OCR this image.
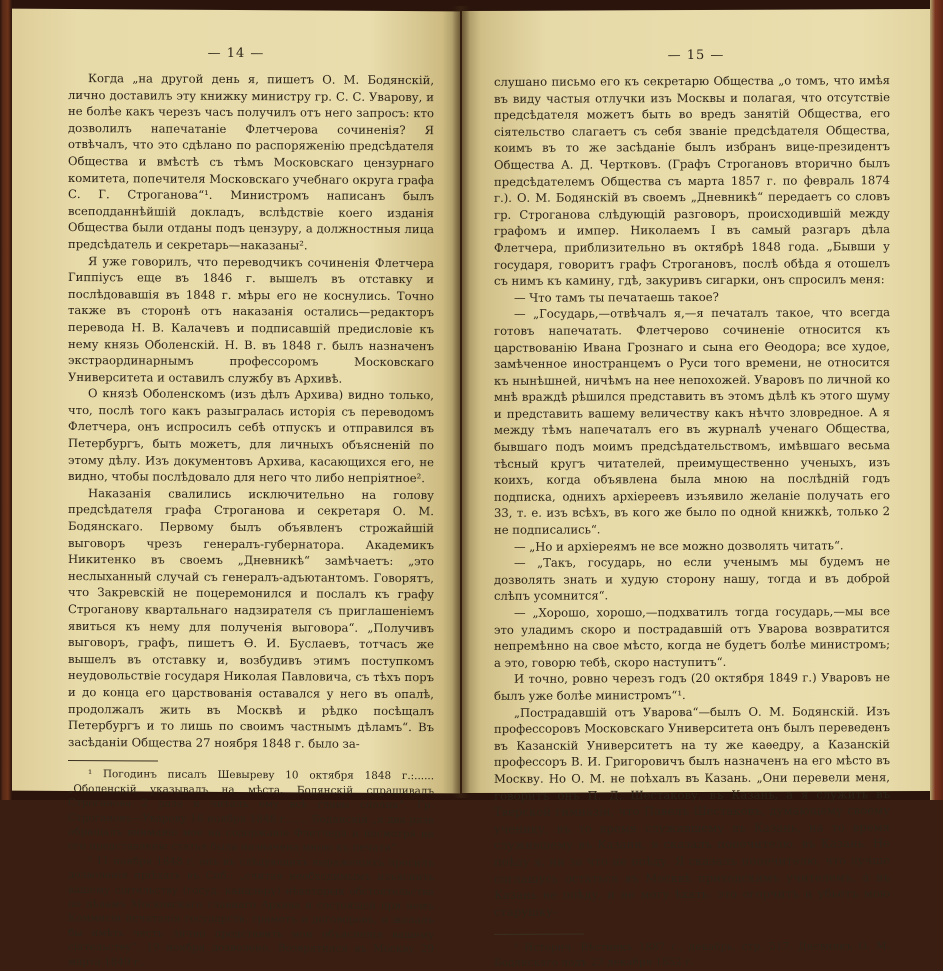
— 14 —

Когда „на другой день я, пишетъ О. М. Бодянскій, лично доставилъ эту книжку министру гр. С. С. Уварову, и не болѣе какъ черезъ часъ получилъ отъ него запросъ: кто дозволилъ напечатаніе Флетчерова сочиненія? Я отвѣчалъ, что это сдѣлано по распоряженію предсѣдателя Общества и вмѣстѣ съ тѣмъ Московскаго цензурнаго комитета, попечителя Московскаго учебнаго округа графа С. Г. Строганова“¹. Министромъ написанъ былъ всеподданнѣйшій докладъ, вслѣдствіе коего изданія Общества были отданы подъ цензуру, а должностныя лица предсѣдатель и секретарь—наказаны².

Я уже говорилъ, что переводчикъ сочиненія Флетчера Гиппіусъ еще въ 1846 г. вышелъ въ отставку и послѣдовавшія въ 1848 г. мѣры его не коснулись. Точно также въ сторонѣ отъ наказанія остались—редакторъ перевода Н. В. Калачевъ и подписавшій предисловіе къ нему князь Оболенскій. Н. В. въ 1848 г. былъ назначенъ экстраординарнымъ профессоромъ Московскаго Университета и оставилъ службу въ Архивѣ.

О князѣ Оболенскомъ (изъ дѣлъ Архива) видно только, что, послѣ того какъ разыгралась исторія съ переводомъ Флетчера, онъ испросилъ себѣ отпускъ и отправился въ Петербургъ, быть можетъ, для личныхъ объясненій по этому дѣлу. Изъ документовъ Архива, касающихся его, не видно, чтобы послѣдовало для него что либо непріятное².

Наказанія свалились исключительно на голову предсѣдателя графа Строганова и секретаря О. М. Бодянскаго. Первому былъ объявленъ строжайшій выговоръ чрезъ генералъ-губернатора. Академикъ Никитенко въ своемъ „Дневникѣ“ замѣчаетъ: „это неслыханный случай съ генералъ-адъютантомъ. Говорятъ, что Закревскій не поцеремонился и послалъ къ графу Строганову квартальнаго надзирателя съ приглашеніемъ явиться къ нему для полученія выговора“. „Получивъ выговоръ, графъ, пишетъ Ѳ. И. Буслаевъ, тотчасъ же вышелъ въ отставку и, возбудивъ этимъ поступкомъ неудовольствіе государя Николая Павловича, съ тѣхъ поръ и до конца его царствованія оставался у него въ опалѣ, продолжалъ жить въ Москвѣ и рѣдко посѣщалъ Петербургъ и то лишь по своимъ частнымъ дѣламъ“. Въ засѣданіи Общества 27 ноября 1848 г. было за-

¹ Погодинъ писалъ Шевыреву 10 октября 1848 г.:...... „Оболенскій указывалъ на мѣста. Бодянскій спрашивалъ Строганова 2 раза и читалъ ему всѣ главы сполна“. Гр. Строгановъ—Уварову 16 ноября 1848 г....... Бодянскій „я два раза обращалъ вниманіе мое на содержаніе Флетчера и несмотря на его представленіе статья была назначена мною къ печати“.

² 11 ноября 1848 г. онъ въ слѣдующихъ выраженіяхъ просилъ дозволенія пріѣхать въ Спб.: „считая необходимымъ изъяснить вашему сіятельству (госуд. канцлеру) нѣкоторыя обстоятельства по дѣламъ Московскаго главнаго Архива и состоящей при немъ Коммисіи печатанія государств. грамотъ и договоровъ, и желалъ бы имѣть честь лично представить мои объясненія вашему сіятельству“. 19 ноября дозволено. Возвратился въ Москву 29 марта 1849 г.

— 15 —

слушано письмо его къ секретарю Общества „о томъ, что имѣя въ виду частыя отлучки изъ Москвы и полагая, что отсутствіе предсѣдателя можетъ быть во вредъ занятій Общества, его сіятельство слагаетъ съ себя званіе предсѣдателя Общества, коимъ въ то же засѣданіе былъ избранъ вице-президентъ Общества А. Д. Чертковъ. (Графъ Строгановъ вторично былъ предсѣдателемъ Общества съ марта 1857 г. по февраль 1874 г.). О. М. Бодянскій въ своемъ „Дневникѣ“ передаетъ со словъ гр. Строганова слѣдующій разговоръ, происходившій между графомъ и импер. Николаемъ I въ самый разгаръ дѣла Флетчера, приблизительно въ октябрѣ 1848 года. „Бывши у государя, говоритъ графъ Строгановъ, послѣ обѣда я отошелъ съ нимъ къ камину, гдѣ, закуривъ сигарки, онъ спросилъ меня:

— Что тамъ ты печатаешь такое?

— „Государь,—отвѣчалъ я,—я печаталъ такое, что всегда готовъ напечатать. Флетчерово сочиненіе относится къ царствованію Ивана Грознаго и сына его Ѳеодора; все худое, замѣченное иностранцемъ о Руси того времени, не относится къ нынѣшней, ничѣмъ на нее непохожей. Уваровъ по личной ко мнѣ враждѣ рѣшился представить въ этомъ дѣлѣ къ этого шуму и представить вашему величеству какъ нѣчто зловредное. А я между тѣмъ напечаталъ его въ журналѣ ученаго Общества, бывшаго подъ моимъ предсѣдательствомъ, имѣвшаго весьма тѣсный кругъ читателей, преимущественно ученыхъ, изъ коихъ, когда объявлена была мною на послѣдній годъ подписка, однихъ архіереевъ изъявило желаніе получать его 33, т. е. изъ всѣхъ, въ кого же было по одной книжкѣ, только 2 не подписались“.

— „Но и архіереямъ не все можно дозволять читать“.

— „Такъ, государь, но если ученымъ мы будемъ не дозволять знать и худую сторону нашу, тогда и въ доброй слѣпъ усомнится“.

— „Хорошо, хорошо,—подхватилъ тогда государь,—мы все это уладимъ скоро и пострадавшій отъ Уварова возвратится непремѣнно на свое мѣсто, когда не будетъ болѣе министромъ; а это, говорю тебѣ, скоро наступитъ“.

И точно, ровно черезъ годъ (20 октября 1849 г.) Уваровъ не былъ уже болѣе министромъ“¹.

„Пострадавшій отъ Уварова“—былъ О. М. Бодянскій. Изъ профессоровъ Московскаго Университета онъ былъ переведенъ въ Казанскій Университетъ на ту же каѳедру, а Казанскій профессоръ В. И. Григоровичъ былъ назначенъ на его мѣсто въ Москву. Но О. М. не поѣхалъ въ Казань. „Они перевели меня, говоритъ онъ П. Д. Шестакову, въ Казань, а я служить въ Тверской гимназіи, что Павелъ Шестаковъ, думающему своему ученику, въ то время служившему въ Казань, на то время служившему въ Казани, я сказалъ попечителю, въ Казань. Не поѣду я, ни за что не поѣду. Я сказалъ попечителю, что лучше соглашусь остаться въ Москвѣ приходскимъ учителемъ, а въ Казань не поѣду, и не могу ѣхать: это огорчитъ и убьетъ мою старушку-

¹ Историч. Вѣстникъ 1887 г., декабрь, стр. 517. Дневникъ О. М. Бодянскаго подъ 23 декабря 1852 г.
